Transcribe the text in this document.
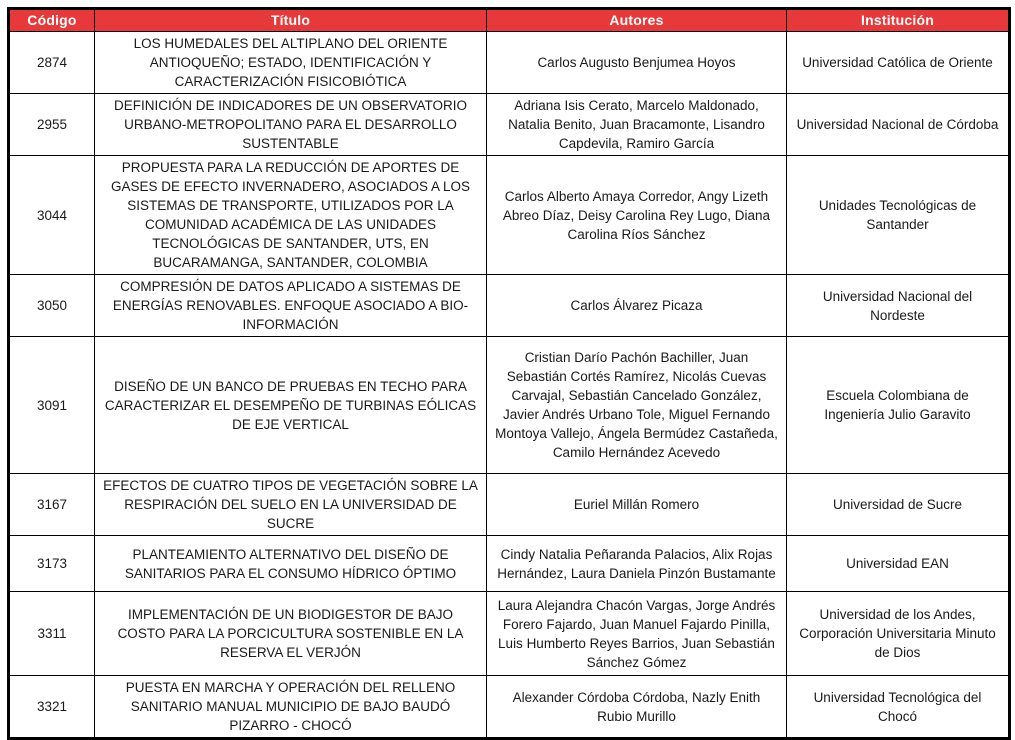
Código	Título	Autores	Institución
2874	LOS HUMEDALES DEL ALTIPLANO DEL ORIENTE ANTIOQUEÑO; ESTADO, IDENTIFICACIÓN Y CARACTERIZACIÓN FISICOBIÓTICA	Carlos Augusto Benjumea Hoyos	Universidad Católica de Oriente
2955	DEFINICIÓN DE INDICADORES DE UN OBSERVATORIO URBANO-METROPOLITANO PARA EL DESARROLLO SUSTENTABLE	Adriana Isis Cerato, Marcelo Maldonado, Natalia Benito, Juan Bracamonte, Lisandro Capdevila, Ramiro García	Universidad Nacional de Córdoba
3044	PROPUESTA PARA LA REDUCCIÓN DE APORTES DE GASES DE EFECTO INVERNADERO, ASOCIADOS A LOS SISTEMAS DE TRANSPORTE, UTILIZADOS POR LA COMUNIDAD ACADÉMICA DE LAS UNIDADES TECNOLÓGICAS DE SANTANDER, UTS, EN BUCARAMANGA, SANTANDER, COLOMBIA	Carlos Alberto Amaya Corredor, Angy Lizeth Abreo Díaz, Deisy Carolina Rey Lugo, Diana Carolina Ríos Sánchez	Unidades Tecnológicas de Santander
3050	COMPRESIÓN DE DATOS APLICADO A SISTEMAS DE ENERGÍAS RENOVABLES. ENFOQUE ASOCIADO A BIO-INFORMACIÓN	Carlos Álvarez Picaza	Universidad Nacional del Nordeste
3091	DISEÑO DE UN BANCO DE PRUEBAS EN TECHO PARA CARACTERIZAR EL DESEMPEÑO DE TURBINAS EÓLICAS DE EJE VERTICAL	Cristian Darío Pachón Bachiller, Juan Sebastián Cortés Ramírez, Nicolás Cuevas Carvajal, Sebastián Cancelado González, Javier Andrés Urbano Tole, Miguel Fernando Montoya Vallejo, Ángela Bermúdez Castañeda, Camilo Hernández Acevedo	Escuela Colombiana de Ingeniería Julio Garavito
3167	EFECTOS DE CUATRO TIPOS DE VEGETACIÓN SOBRE LA RESPIRACIÓN DEL SUELO EN LA UNIVERSIDAD DE SUCRE	Euriel Millán Romero	Universidad de Sucre
3173	PLANTEAMIENTO ALTERNATIVO DEL DISEÑO DE SANITARIOS PARA EL CONSUMO HÍDRICO ÓPTIMO	Cindy Natalia Peñaranda Palacios, Alix Rojas Hernández, Laura Daniela Pinzón Bustamante	Universidad EAN
3311	IMPLEMENTACIÓN DE UN BIODIGESTOR DE BAJO COSTO PARA LA PORCICULTURA SOSTENIBLE EN LA RESERVA EL VERJÓN	Laura Alejandra Chacón Vargas, Jorge Andrés Forero Fajardo, Juan Manuel Fajardo Pinilla, Luis Humberto Reyes Barrios, Juan Sebastián Sánchez Gómez	Universidad de los Andes, Corporación Universitaria Minuto de Dios
3321	PUESTA EN MARCHA Y OPERACIÓN DEL RELLENO SANITARIO MANUAL MUNICIPIO DE BAJO BAUDÓ PIZARRO - CHOCÓ	Alexander Córdoba Córdoba, Nazly Enith Rubio Murillo	Universidad Tecnológica del Chocó
